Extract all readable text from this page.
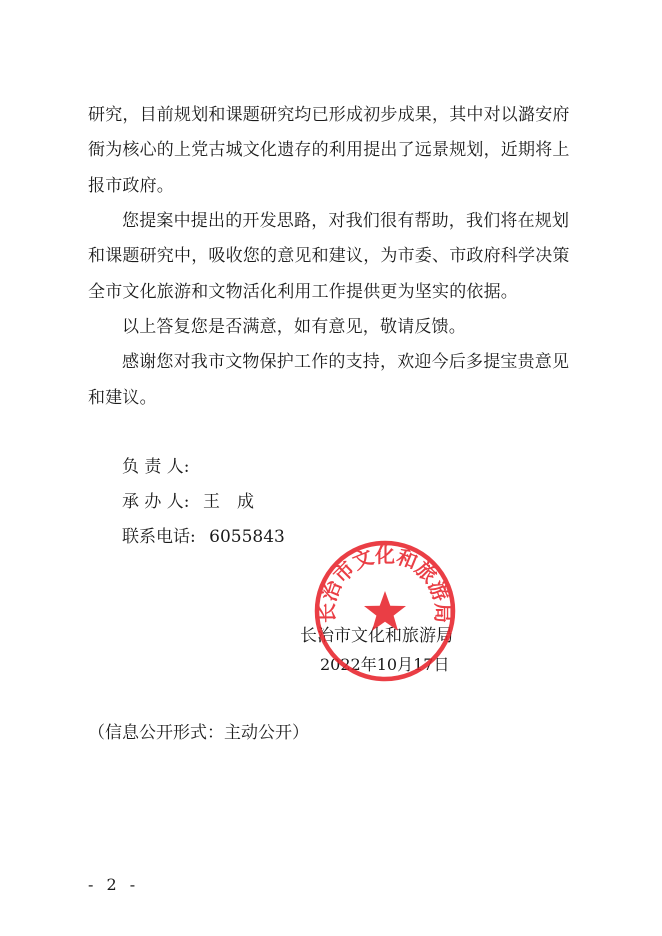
研究，目前规划和课题研究均已形成初步成果，其中对以潞安府
衙为核心的上党古城文化遗存的利用提出了远景规划，近期将上
报市政府。
您提案中提出的开发思路，对我们很有帮助，我们将在规划
和课题研究中，吸收您的意见和建议，为市委、市政府科学决策
全市文化旅游和文物活化利用工作提供更为坚实的依据。
以上答复您是否满意，如有意见，敬请反馈。
感谢您对我市文物保护工作的支持，欢迎今后多提宝贵意见
和建议。
负 责 人:
承 办 人: 王　成
联系电话: 6055843
长治市文化和旅游局
2022年10月17日
长治市文化和旅游局
（信息公开形式：主动公开）
- 2 -
